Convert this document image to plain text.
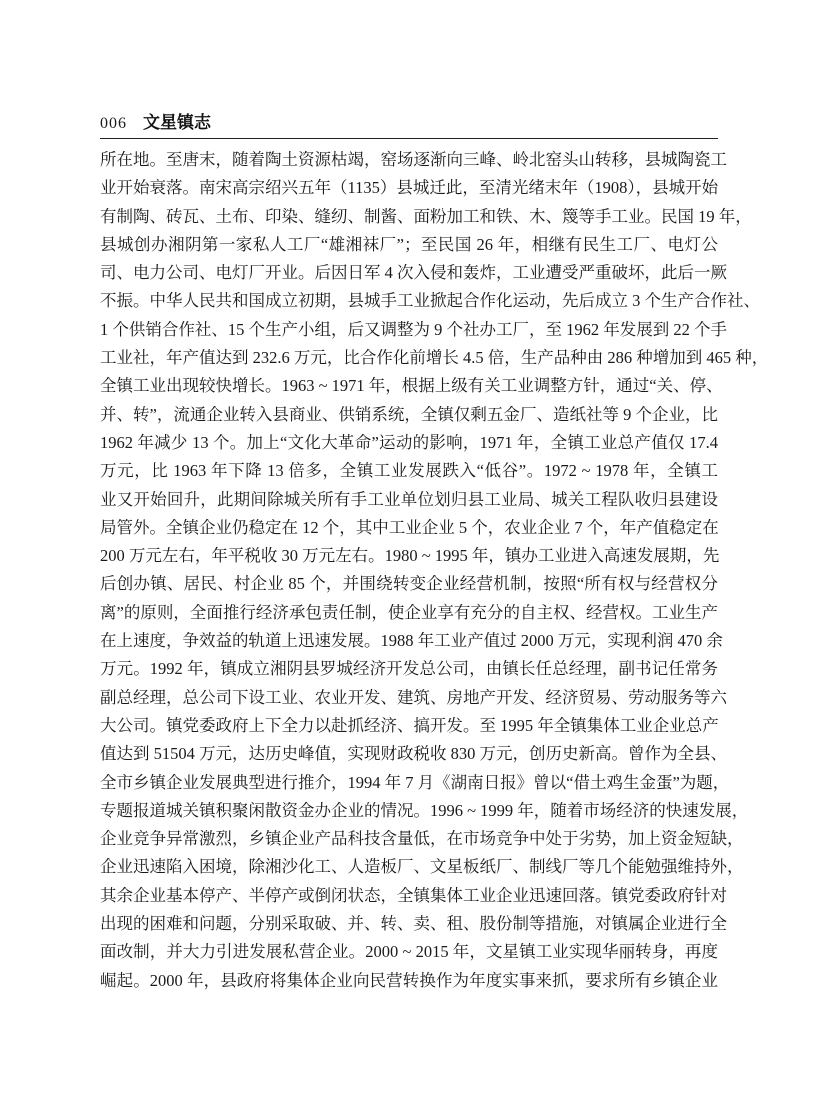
006 文星镇志
所在地。至唐末，随着陶土资源枯竭，窑场逐渐向三峰、岭北窑头山转移，县城陶瓷工
业开始衰落。南宋高宗绍兴五年（1135）县城迁此，至清光绪末年（1908），县城开始
有制陶、砖瓦、土布、印染、缝纫、制酱、面粉加工和铁、木、篾等手工业。民国 19 年，
县城创办湘阴第一家私人工厂“雄湘袜厂”；至民国 26 年，相继有民生工厂、电灯公
司、电力公司、电灯厂开业。后因日军 4 次入侵和轰炸，工业遭受严重破坏，此后一厥
不振。中华人民共和国成立初期，县城手工业掀起合作化运动，先后成立 3 个生产合作社、
1 个供销合作社、15 个生产小组，后又调整为 9 个社办工厂，至 1962 年发展到 22 个手
工业社，年产值达到 232.6 万元，比合作化前增长 4.5 倍，生产品种由 286 种增加到 465 种，
全镇工业出现较快增长。1963 ~ 1971 年，根据上级有关工业调整方针，通过“关、停、
并、转”，流通企业转入县商业、供销系统，全镇仅剩五金厂、造纸社等 9 个企业，比
1962 年减少 13 个。加上“文化大革命”运动的影响，1971 年，全镇工业总产值仅 17.4
万元，比 1963 年下降 13 倍多，全镇工业发展跌入“低谷”。1972 ~ 1978 年，全镇工
业又开始回升，此期间除城关所有手工业单位划归县工业局、城关工程队收归县建设
局管外。全镇企业仍稳定在 12 个，其中工业企业 5 个，农业企业 7 个，年产值稳定在
200 万元左右，年平税收 30 万元左右。1980 ~ 1995 年，镇办工业进入高速发展期，先
后创办镇、居民、村企业 85 个，并围绕转变企业经营机制，按照“所有权与经营权分
离”的原则，全面推行经济承包责任制，使企业享有充分的自主权、经营权。工业生产
在上速度，争效益的轨道上迅速发展。1988 年工业产值过 2000 万元，实现利润 470 余
万元。1992 年，镇成立湘阴县罗城经济开发总公司，由镇长任总经理，副书记任常务
副总经理，总公司下设工业、农业开发、建筑、房地产开发、经济贸易、劳动服务等六
大公司。镇党委政府上下全力以赴抓经济、搞开发。至 1995 年全镇集体工业企业总产
值达到 51504 万元，达历史峰值，实现财政税收 830 万元，创历史新高。曾作为全县、
全市乡镇企业发展典型进行推介，1994 年 7 月《湖南日报》曾以“借土鸡生金蛋”为题，
专题报道城关镇积聚闲散资金办企业的情况。1996 ~ 1999 年，随着市场经济的快速发展，
企业竞争异常激烈，乡镇企业产品科技含量低，在市场竞争中处于劣势，加上资金短缺，
企业迅速陷入困境，除湘沙化工、人造板厂、文星板纸厂、制线厂等几个能勉强维持外，
其余企业基本停产、半停产或倒闭状态，全镇集体工业企业迅速回落。镇党委政府针对
出现的困难和问题，分别采取破、并、转、卖、租、股份制等措施，对镇属企业进行全
面改制，并大力引进发展私营企业。2000 ~ 2015 年，文星镇工业实现华丽转身，再度
崛起。2000 年，县政府将集体企业向民营转换作为年度实事来抓，要求所有乡镇企业
